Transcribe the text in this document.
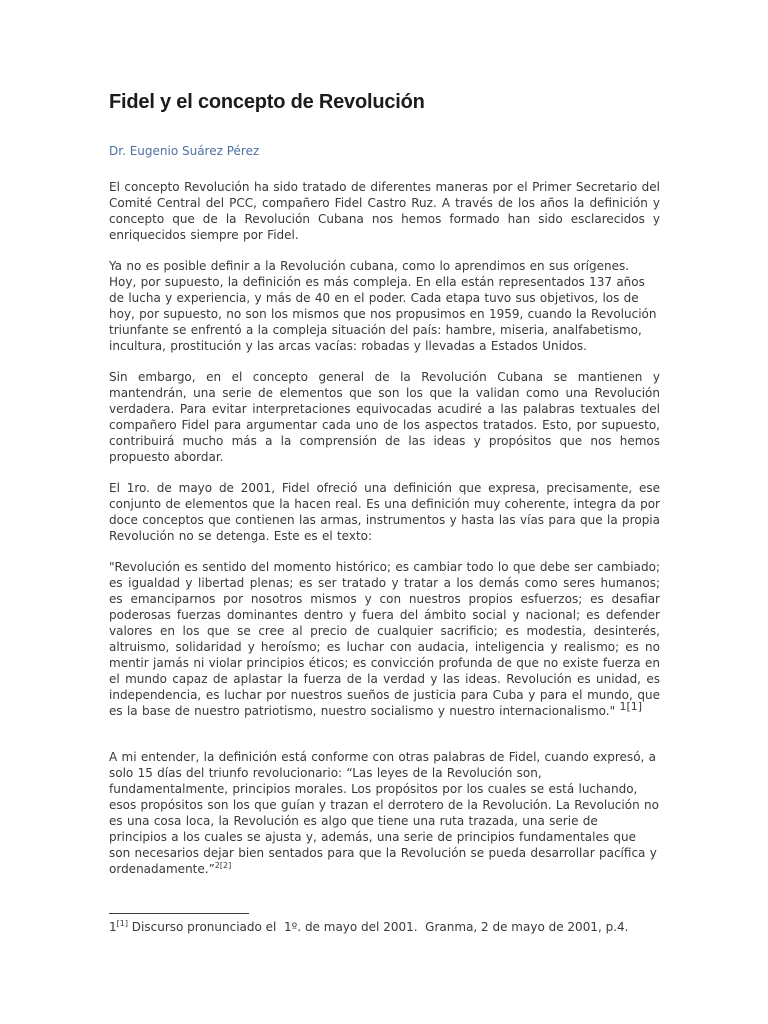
Fidel y el concepto de Revolución
Dr. Eugenio Suárez Pérez

El concepto Revolución ha sido tratado de diferentes maneras por el Primer Secretario del Comité Central del PCC, compañero Fidel Castro Ruz. A través de los años la definición y concepto que de la Revolución Cubana nos hemos formado han sido esclarecidos y enriquecidos siempre por Fidel.

Ya no es posible definir a la Revolución cubana, como lo aprendimos en sus orígenes. Hoy, por supuesto, la definición es más compleja. En ella están representados 137 años de lucha y experiencia, y más de 40 en el poder. Cada etapa tuvo sus objetivos, los de hoy, por supuesto, no son los mismos que nos propusimos en 1959, cuando la Revolución triunfante se enfrentó a la compleja situación del país: hambre, miseria, analfabetismo, incultura, prostitución y las arcas vacías: robadas y llevadas a Estados Unidos.

Sin embargo, en el concepto general de la Revolución Cubana se mantienen y mantendrán, una serie de elementos que son los que la validan como una Revolución verdadera. Para evitar interpretaciones equivocadas acudiré a las palabras textuales del compañero Fidel para argumentar cada uno de los aspectos tratados. Esto, por supuesto, contribuirá mucho más a la comprensión de las ideas y propósitos que nos hemos propuesto abordar.

El 1ro. de mayo de 2001, Fidel ofreció una definición que expresa, precisamente, ese conjunto de elementos que la hacen real. Es una definición muy coherente, integra da por doce conceptos que contienen las armas, instrumentos y hasta las vías para que la propia Revolución no se detenga. Este es el texto:

"Revolución es sentido del momento histórico; es cambiar todo lo que debe ser cambiado; es igualdad y libertad plenas; es ser tratado y tratar a los demás como seres humanos; es emanciparnos por nosotros mismos y con nuestros propios esfuerzos; es desafiar poderosas fuerzas dominantes dentro y fuera del ámbito social y nacional; es defender valores en los que se cree al precio de cualquier sacrificio; es modestia, desinterés, altruismo, solidaridad y heroísmo; es luchar con audacia, inteligencia y realismo; es no mentir jamás ni violar principios éticos; es convicción profunda de que no existe fuerza en el mundo capaz de aplastar la fuerza de la verdad y las ideas. Revolución es unidad, es independencia, es luchar por nuestros sueños de justicia para Cuba y para el mundo, que es la base de nuestro patriotismo, nuestro socialismo y nuestro internacionalismo." $^{1[1]}$

A mi entender, la definición está conforme con otras palabras de Fidel, cuando expresó, a solo 15 días del triunfo revolucionario: “Las leyes de la Revolución son, fundamentalmente, principios morales. Los propósitos por los cuales se está luchando, esos propósitos son los que guían y trazan el derrotero de la Revolución. La Revolución no es una cosa loca, la Revolución es algo que tiene una ruta trazada, una serie de principios a los cuales se ajusta y, además, una serie de principios fundamentales que son necesarios dejar bien sentados para que la Revolución se pueda desarrollar pacífica y ordenadamente.”$^{2[2]}$

1[1] Discurso pronunciado el  1º. de mayo del 2001.  Granma, 2 de mayo de 2001, p.4.
